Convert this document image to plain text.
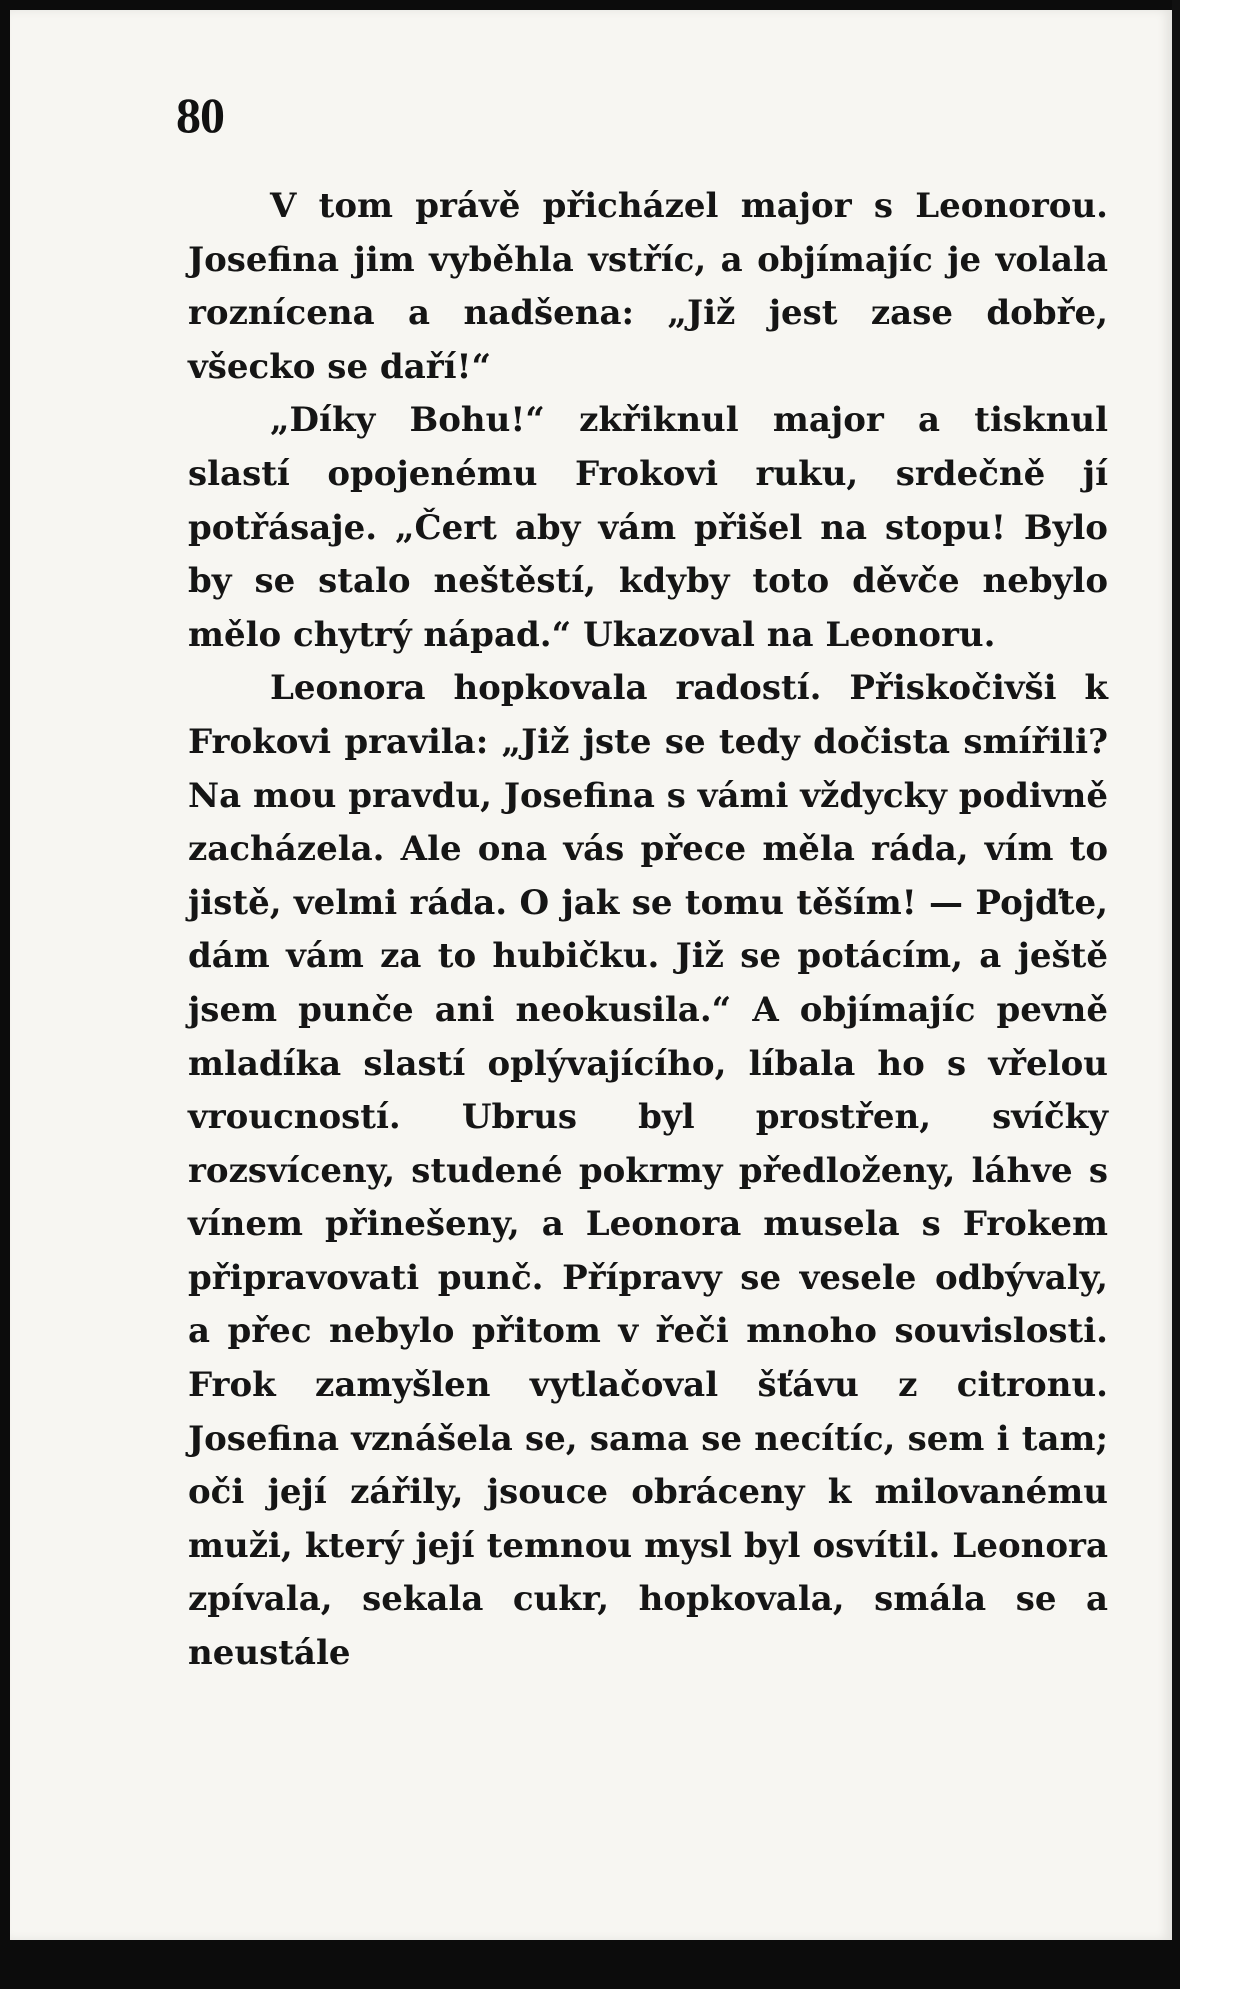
80

V tom právě přicházel major s Leonorou. Josefina jim vyběhla vstříc, a objímajíc je volala roznícena a nadšena: „Již jest zase dobře, všecko se daří!“

„Díky Bohu!“ zkřiknul major a tisknul slastí opojenému Frokovi ruku, srdečně jí potřásaje. „Čert aby vám přišel na stopu! Bylo by se stalo neštěstí, kdyby toto děvče nebylo mělo chytrý nápad.“ Ukazoval na Leonoru.

Leonora hopkovala radostí. Přiskočivši k Frokovi pravila: „Již jste se tedy dočista smířili? Na mou pravdu, Josefina s vámi vždycky podivně zacházela. Ale ona vás přece měla ráda, vím to jistě, velmi ráda. O jak se tomu těším! — Pojďte, dám vám za to hubičku. Již se potácím, a ještě jsem punče ani neokusila.“ A objímajíc pevně mladíka slastí oplývajícího, líbala ho s vřelou vroucností. Ubrus byl prostřen, svíčky rozsvíceny, studené pokrmy předloženy, láhve s vínem přinešeny, a Leonora musela s Frokem připravovati punč. Přípravy se vesele odbývaly, a přec nebylo přitom v řeči mnoho souvislosti. Frok zamyšlen vytlačoval šťávu z citronu. Josefina vznášela se, sama se necítíc, sem i tam; oči její zářily, jsouce obráceny k milovanému muži, který její temnou mysl byl osvítil. Leonora zpívala, sekala cukr, hopkovala, smála se a neustále
